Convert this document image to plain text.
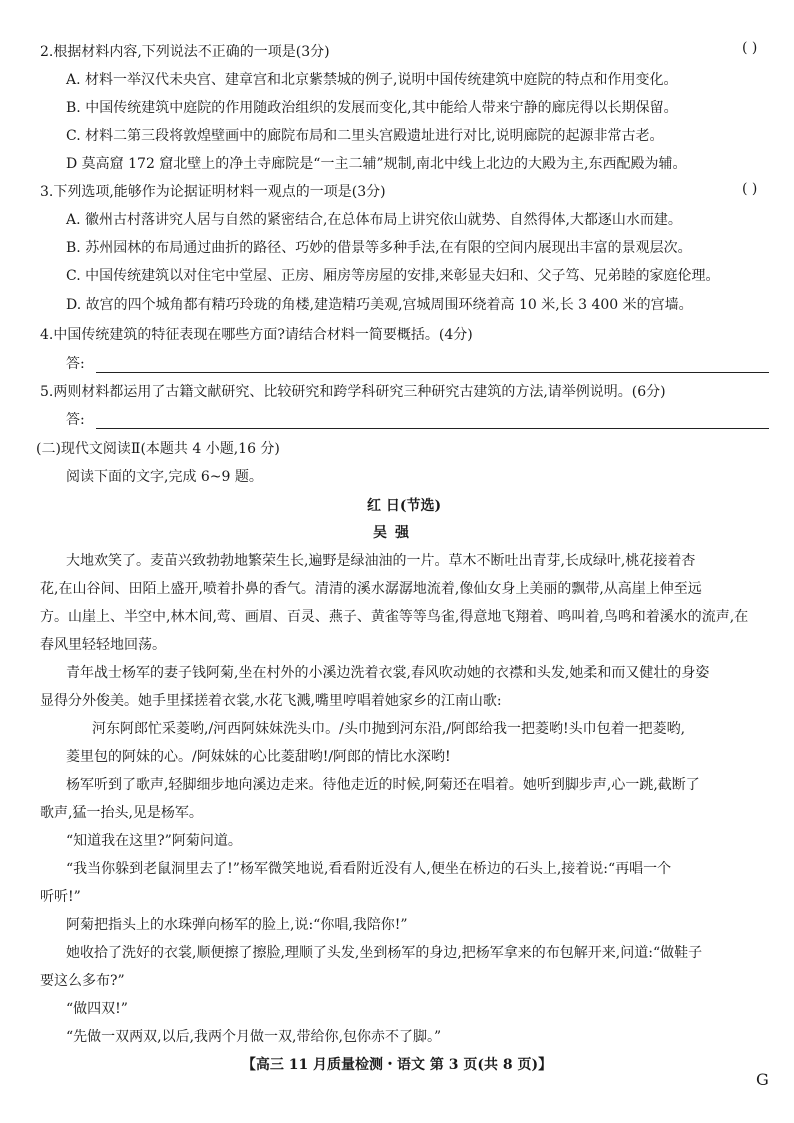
2.根据材料内容,下列说法不正确的一项是(3分)	( )
A. 材料一举汉代未央宫、建章宫和北京紫禁城的例子,说明中国传统建筑中庭院的特点和作用变化。
B. 中国传统建筑中庭院的作用随政治组织的发展而变化,其中能给人带来宁静的廊庑得以长期保留。
C. 材料二第三段将敦煌壁画中的廊院布局和二里头宫殿遗址进行对比,说明廊院的起源非常古老。
D 莫高窟 172 窟北壁上的净土寺廊院是“一主二辅”规制,南北中线上北边的大殿为主,东西配殿为辅。
3.下列选项,能够作为论据证明材料一观点的一项是(3分)	( )
A. 徽州古村落讲究人居与自然的紧密结合,在总体布局上讲究依山就势、自然得体,大都逐山水而建。
B. 苏州园林的布局通过曲折的路径、巧妙的借景等多种手法,在有限的空间内展现出丰富的景观层次。
C. 中国传统建筑以对住宅中堂屋、正房、厢房等房屋的安排,来彰显夫妇和、父子笃、兄弟睦的家庭伦理。
D. 故宫的四个城角都有精巧玲珑的角楼,建造精巧美观,宫城周围环绕着高 10 米,长 3 400 米的宫墙。
4.中国传统建筑的特征表现在哪些方面?请结合材料一简要概括。(4分)
答:
5.两则材料都运用了古籍文献研究、比较研究和跨学科研究三种研究古建筑的方法,请举例说明。(6分)
答:
(二)现代文阅读Ⅱ(本题共 4 小题,16 分)
阅读下面的文字,完成 6~9 题。
红 日(节选)
吴强
大地欢笑了。麦苗兴致勃勃地繁荣生长,遍野是绿油油的一片。草木不断吐出青芽,长成绿叶,桃花接着杏
花,在山谷间、田陌上盛开,喷着扑鼻的香气。清清的溪水潺潺地流着,像仙女身上美丽的飘带,从高崖上伸至远
方。山崖上、半空中,林木间,莺、画眉、百灵、燕子、黄雀等等鸟雀,得意地飞翔着、鸣叫着,鸟鸣和着溪水的流声,在
春风里轻轻地回荡。
青年战士杨军的妻子钱阿菊,坐在村外的小溪边洗着衣裳,春风吹动她的衣襟和头发,她柔和而又健壮的身姿
显得分外俊美。她手里揉搓着衣裳,水花飞溅,嘴里哼唱着她家乡的江南山歌:
河东阿郎忙采菱哟,/河西阿妹妹洗头巾。/头巾抛到河东沿,/阿郎给我一把菱哟!头巾包着一把菱哟,
菱里包的阿妹的心。/阿妹妹的心比菱甜哟!/阿郎的情比水深哟!
杨军听到了歌声,轻脚细步地向溪边走来。待他走近的时候,阿菊还在唱着。她听到脚步声,心一跳,截断了
歌声,猛一抬头,见是杨军。
“知道我在这里?”阿菊问道。
“我当你躲到老鼠洞里去了!”杨军微笑地说,看看附近没有人,便坐在桥边的石头上,接着说:“再唱一个
听听!”
阿菊把指头上的水珠弹向杨军的脸上,说:“你唱,我陪你!”
她收拾了洗好的衣裳,顺便擦了擦脸,理顺了头发,坐到杨军的身边,把杨军拿来的布包解开来,问道:“做鞋子
要这么多布?”
“做四双!”
“先做一双两双,以后,我两个月做一双,带给你,包你赤不了脚。”
【高三 11 月质量检测・语文 第 3 页(共 8 页)】
G
